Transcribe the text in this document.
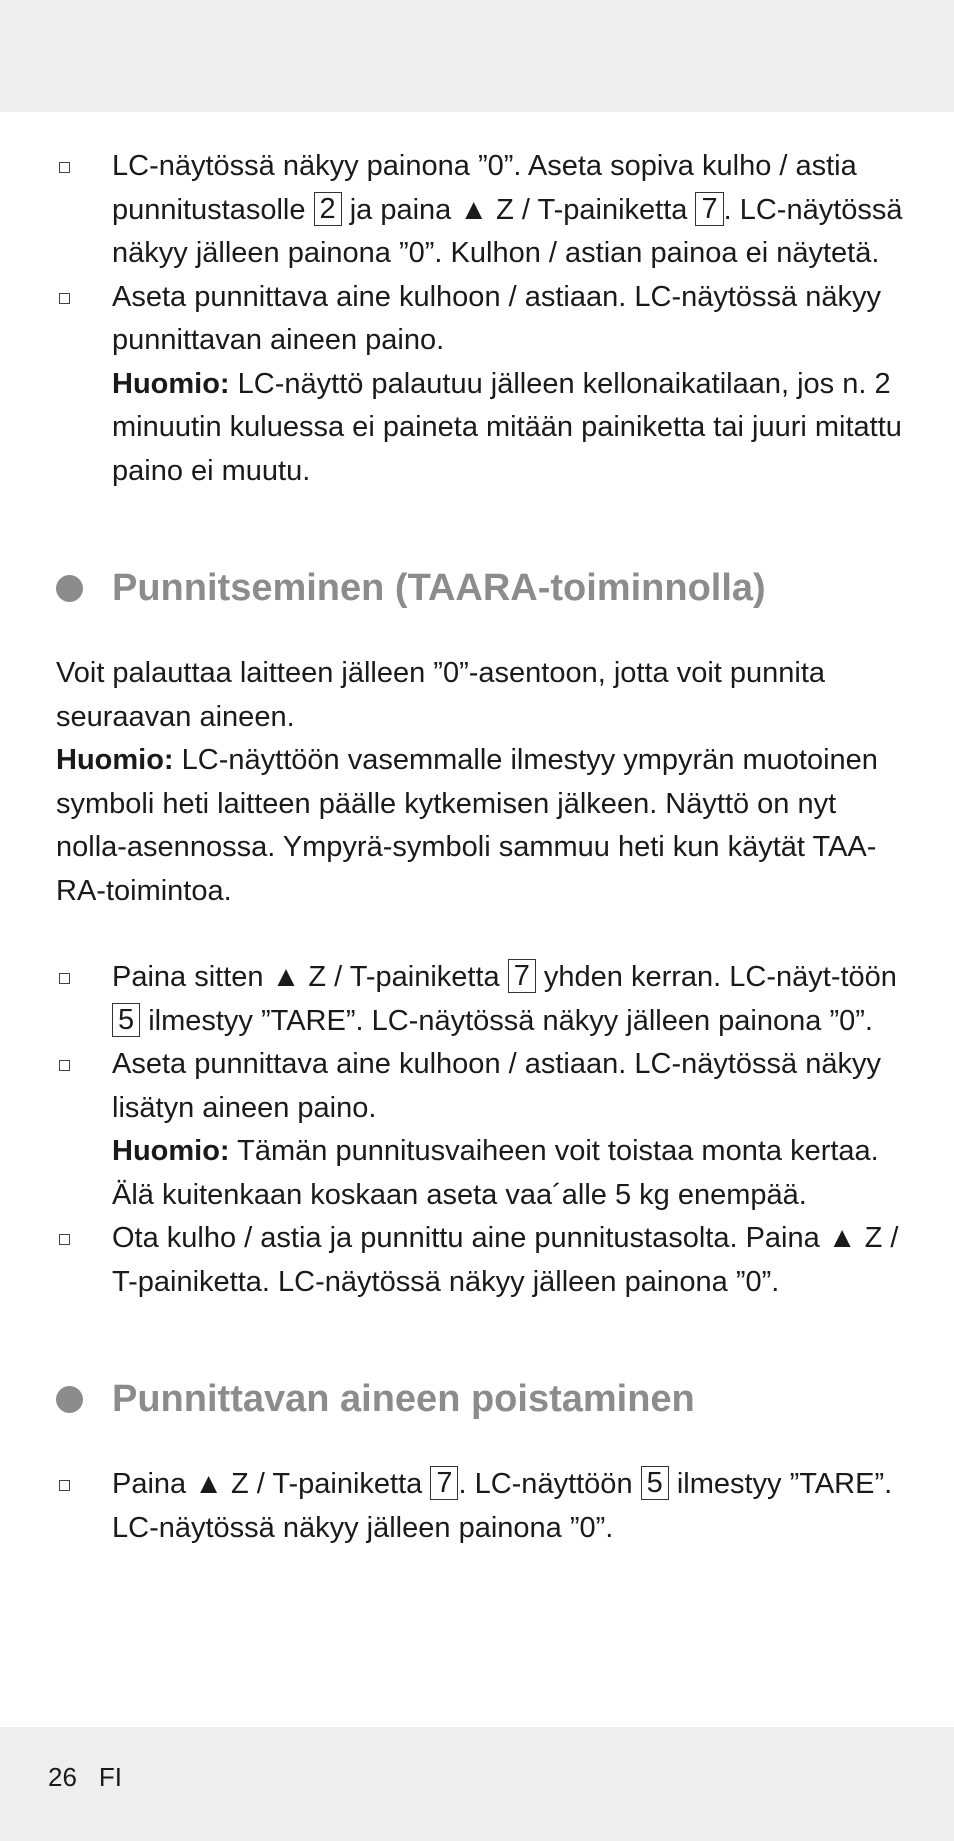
LC-näytössä näkyy painona ”0”. Aseta sopiva kulho / astia punnitustasolle 2 ja paina ▲ Z / T-painiketta 7 . LC-näytössä näkyy jälleen painona ”0”. Kulhon / astian painoa ei näytetä.
Aseta punnittava aine kulhoon / astiaan. LC-näytössä näkyy punnittavan aineen paino.
Huomio: LC-näyttö palautuu jälleen kellonaikatilaan, jos n. 2 minuutin kuluessa ei paineta mitään painiketta tai juuri mitattu paino ei muutu.
Punnitseminen (TAARA-toiminnolla)
Voit palauttaa laitteen jälleen ”0”-asentoon, jotta voit punnita seuraavan aineen.
Huomio: LC-näyttöön vasemmalle ilmestyy ympyrän muotoinen symboli heti laitteen päälle kytkemisen jälkeen. Näyttö on nyt nolla-asennossa. Ympyrä-symboli sammuu heti kun käytät TAA-RA-toimintoa.
Paina sitten ▲ Z / T-painiketta 7 yhden kerran. LC-näyt-töön 5 ilmestyy ”TARE”. LC-näytössä näkyy jälleen painona ”0”.
Aseta punnittava aine kulhoon / astiaan. LC-näytössä näkyy lisätyn aineen paino.
Huomio: Tämän punnitusvaiheen voit toistaa monta kertaa. Älä kuitenkaan koskaan aseta vaa´alle 5 kg enempää.
Ota kulho / astia ja punnittu aine punnitustasolta. Paina ▲ Z / T-painiketta. LC-näytössä näkyy jälleen painona ”0”.
Punnittavan aineen poistaminen
Paina ▲ Z / T-painiketta 7 . LC-näyttöön 5 ilmestyy ”TARE”. LC-näytössä näkyy jälleen painona ”0”.
26 FI
